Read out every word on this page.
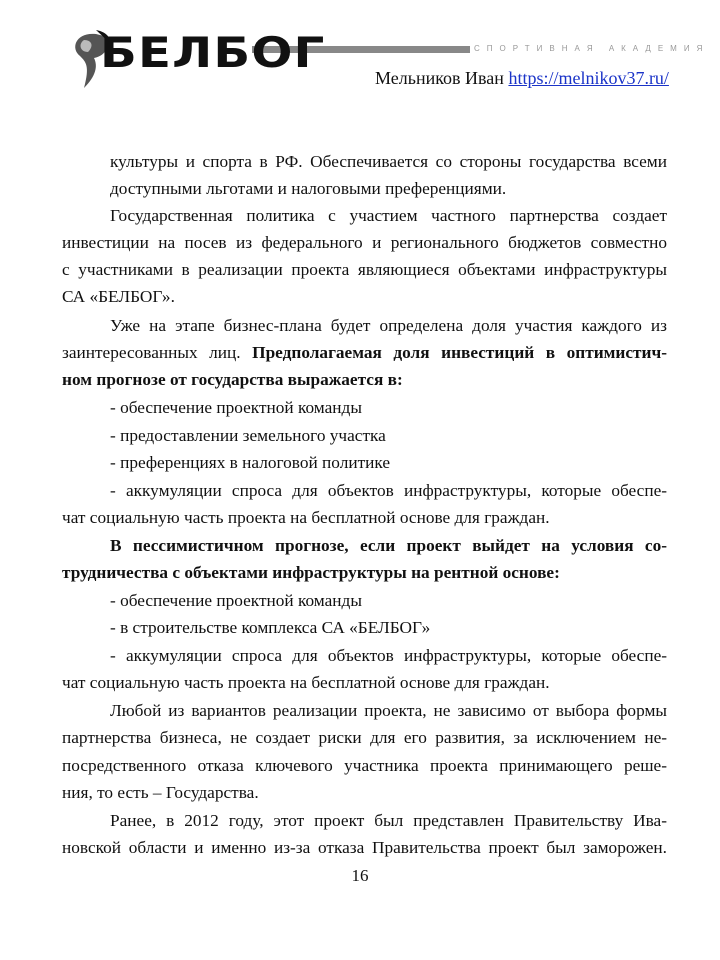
БЕЛБОГ	СПОРТИВНАЯ АКАДЕМИЯ
Мельников Иван https://melnikov37.ru/
культуры и спорта в РФ. Обеспечивается со стороны государства всеми
доступными льготами и налоговыми преференциями.
Государственная политика с участием частного партнерства создает
инвестиции на посев из федерального и регионального бюджетов совместно
с участниками в реализации проекта являющиеся объектами инфраструктуры
СА «БЕЛБОГ».
Уже на этапе бизнес-плана будет определена доля участия каждого из
заинтересованных лиц. Предполагаемая доля инвестиций в оптимистич-
ном прогнозе от государства выражается в:
- обеспечение проектной команды
- предоставлении земельного участка
- преференциях в налоговой политике
- аккумуляции спроса для объектов инфраструктуры, которые обеспе-
чат социальную часть проекта на бесплатной основе для граждан.
В пессимистичном прогнозе, если проект выйдет на условия со-
трудничества с объектами инфраструктуры на рентной основе:
- обеспечение проектной команды
- в строительстве комплекса СА «БЕЛБОГ»
- аккумуляции спроса для объектов инфраструктуры, которые обеспе-
чат социальную часть проекта на бесплатной основе для граждан.
Любой из вариантов реализации проекта, не зависимо от выбора формы
партнерства бизнеса, не создает риски для его развития, за исключением не-
посредственного отказа ключевого участника проекта принимающего реше-
ния, то есть – Государства.
Ранее, в 2012 году, этот проект был представлен Правительству Ива-
новской области и именно из-за отказа Правительства проект был заморожен.
16
